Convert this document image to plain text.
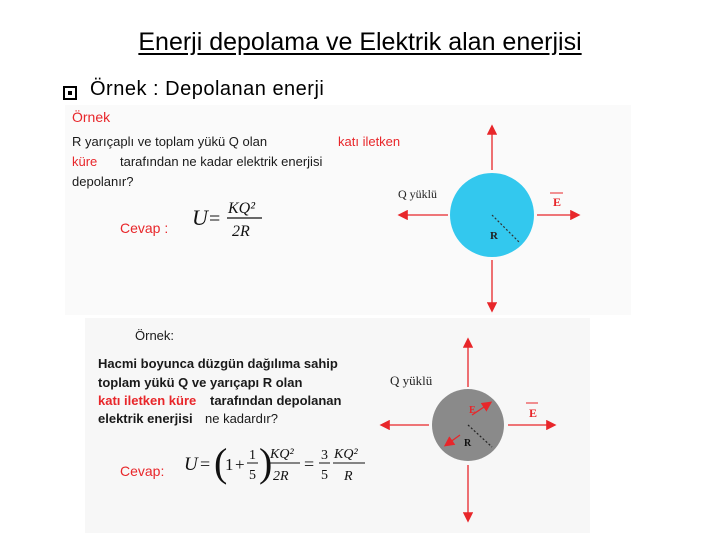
Enerji depolama ve Elektrik alan enerjisi
Örnek : Depolanan enerji
Örnek
R yarıçaplı ve toplam yükü Q olan	katı iletken
küre tarafından ne kadar elektrik enerjisi
depolanır?
Cevap : U = KQ²
2R
Q yüklü
E
R
Örnek:
Hacmi boyunca düzgün dağılıma sahip
toplam yükü Q ve yarıçapı R olan
katı iletken küre tarafından depolanan
elektrik enerjisi ne kadardır?
Cevap: U = (
1 + 1
5 )
KQ²
2R
= 3
5
KQ²
R
Q yüklü
E
E
R
